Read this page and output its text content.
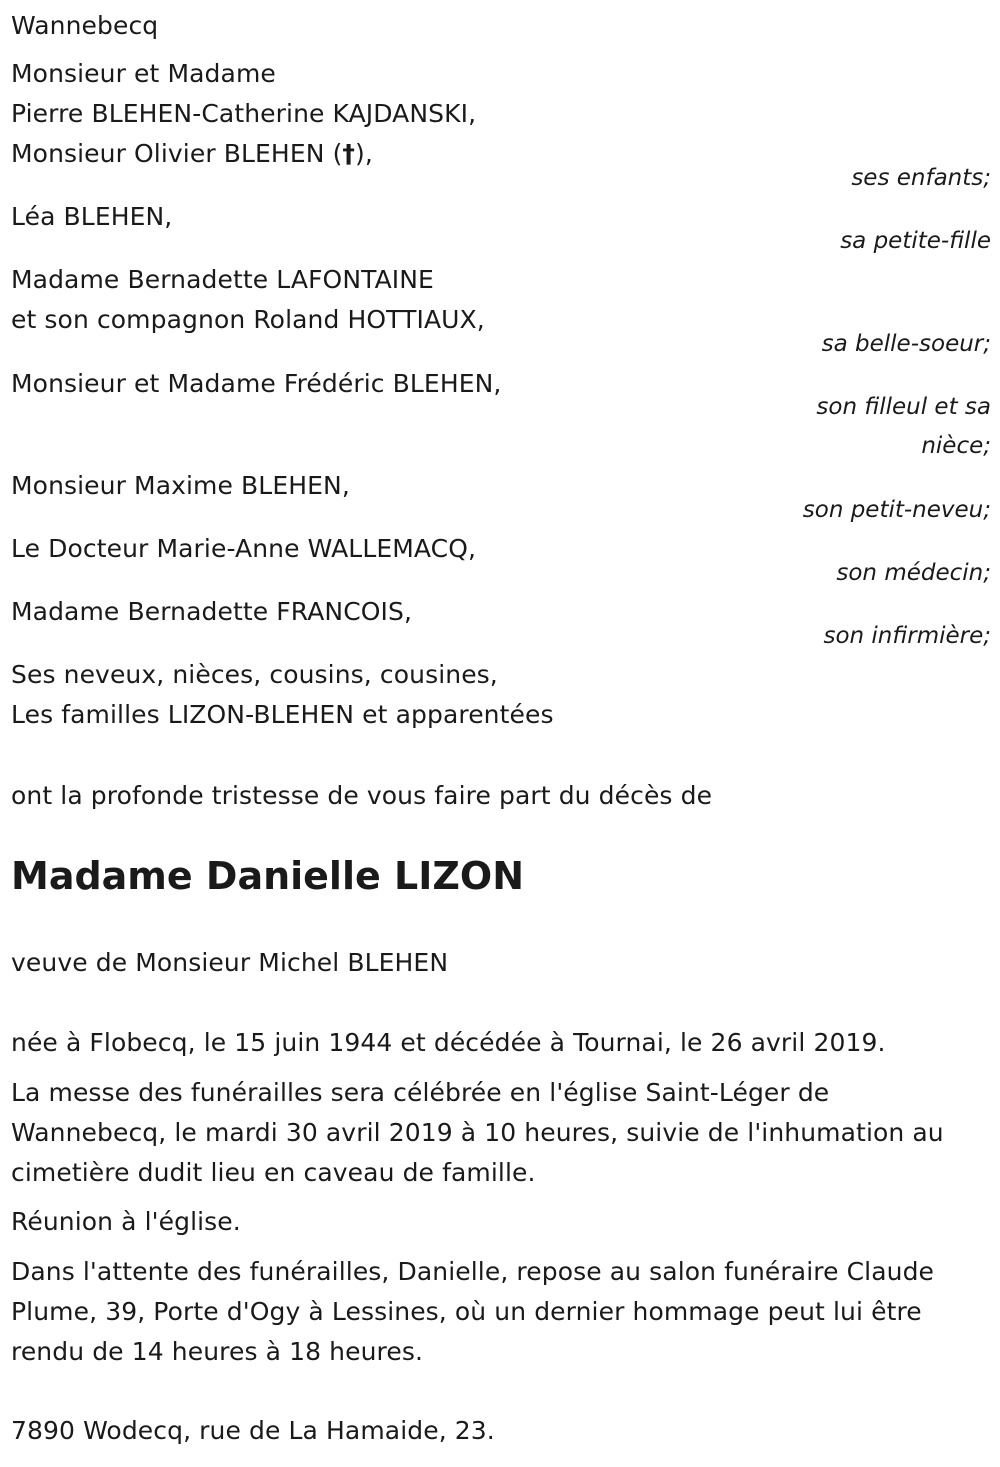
Wannebecq
Monsieur et Madame
Pierre BLEHEN-Catherine KAJDANSKI,
Monsieur Olivier BLEHEN (†),
ses enfants;
Léa BLEHEN,
sa petite-fille
Madame Bernadette LAFONTAINE
et son compagnon Roland HOTTIAUX,
sa belle-soeur;
Monsieur et Madame Frédéric BLEHEN,
son filleul et sa
nièce;
Monsieur Maxime BLEHEN,
son petit-neveu;
Le Docteur Marie-Anne WALLEMACQ,
son médecin;
Madame Bernadette FRANCOIS,
son infirmière;
Ses neveux, nièces, cousins, cousines,
Les familles LIZON-BLEHEN et apparentées
ont la profonde tristesse de vous faire part du décès de
Madame Danielle LIZON
veuve de Monsieur Michel BLEHEN
née à Flobecq, le 15 juin 1944 et décédée à Tournai, le 26 avril 2019.
La messe des funérailles sera célébrée en l'église Saint-Léger de
Wannebecq, le mardi 30 avril 2019 à 10 heures, suivie de l'inhumation au
cimetière dudit lieu en caveau de famille.
Réunion à l'église.
Dans l'attente des funérailles, Danielle, repose au salon funéraire Claude
Plume, 39, Porte d'Ogy à Lessines, où un dernier hommage peut lui être
rendu de 14 heures à 18 heures.
7890 Wodecq, rue de La Hamaide, 23.
